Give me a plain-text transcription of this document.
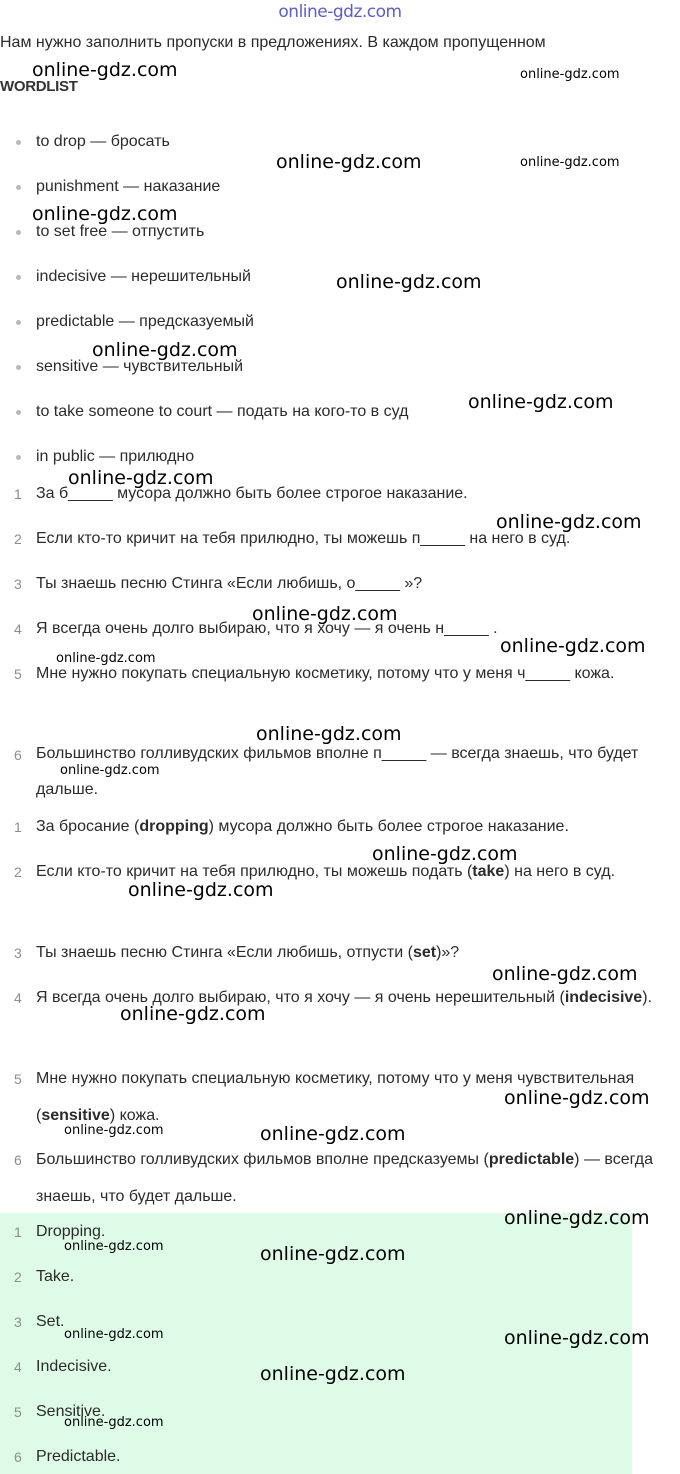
online-gdz.com
Нам нужно заполнить пропуски в предложениях. В каждом пропущенном
WORDLIST
to drop — бросать
punishment — наказание
to set free — отпустить
indecisive — нерешительный
predictable — предсказуемый
sensitive — чувствительный
to take someone to court — подать на кого-то в суд
in public — прилюдно
1 За б_____ мусора должно быть более строгое наказание.
2 Если кто-то кричит на тебя прилюдно, ты можешь п_____ на него в суд.
3 Ты знаешь песню Стинга «Если любишь, о_____ »?
4 Я всегда очень долго выбираю, что я хочу — я очень н_____ .
5 Мне нужно покупать специальную косметику, потому что у меня ч_____ кожа.
6 Большинство голливудских фильмов вполне п_____ — всегда знаешь, что будет дальше.
1 За бросание (dropping) мусора должно быть более строгое наказание.
2 Если кто-то кричит на тебя прилюдно, ты можешь подать (take) на него в суд.
3 Ты знаешь песню Стинга «Если любишь, отпусти (set)»?
4 Я всегда очень долго выбираю, что я хочу — я очень нерешительный (indecisive).
5 Мне нужно покупать специальную косметику, потому что у меня чувствительная (sensitive) кожа.
6 Большинство голливудских фильмов вполне предсказуемы (predictable) — всегда знаешь, что будет дальше.
1 Dropping.
2 Take.
3 Set.
4 Indecisive.
5 Sensitive.
6 Predictable.
online-gdz.com	online-gdz.com
online-gdz.com	online-gdz.com
online-gdz.com
online-gdz.com
online-gdz.com
online-gdz.com
online-gdz.com
online-gdz.com
online-gdz.com
online-gdz.com
online-gdz.com
online-gdz.com
online-gdz.com
online-gdz.com
online-gdz.com
online-gdz.com
online-gdz.com
online-gdz.com
online-gdz.com	online-gdz.com
online-gdz.com
online-gdz.com	online-gdz.com
online-gdz.com	online-gdz.com
online-gdz.com
online-gdz.com
